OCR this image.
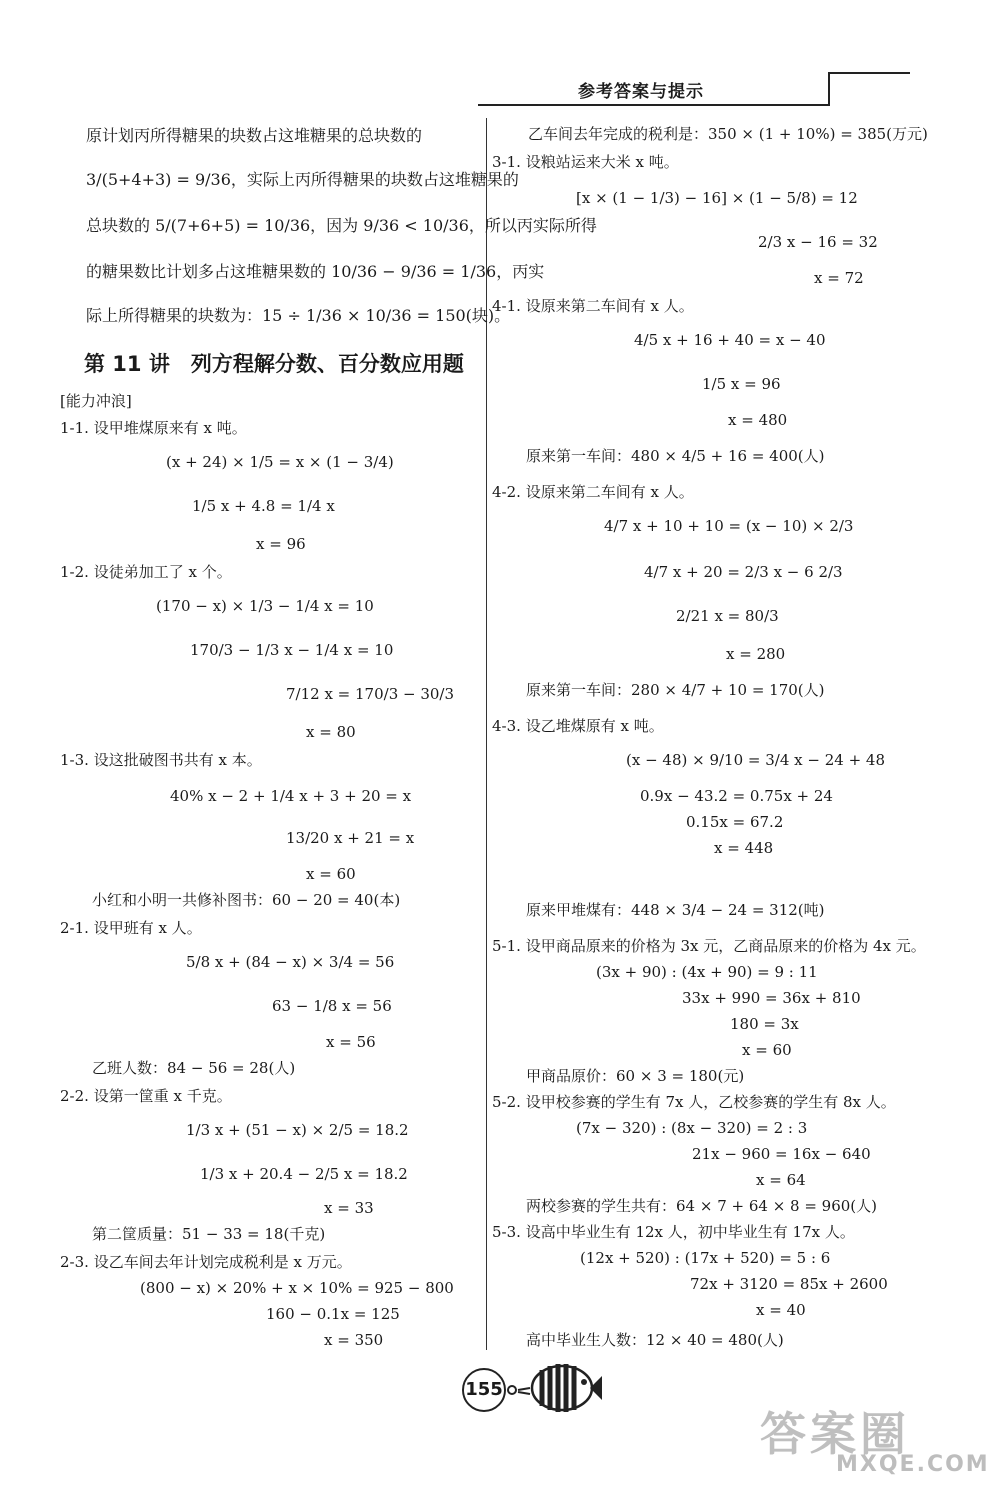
参考答案与提示
原计划丙所得糖果的块数占这堆糖果的总块数的
3/(5+4+3) = 9/36，实际上丙所得糖果的块数占这堆糖果的
总块数的 5/(7+6+5) = 10/36，因为 9/36 < 10/36，所以丙实际所得
的糖果数比计划多占这堆糖果数的 10/36 − 9/36 = 1/36，丙实
际上所得糖果的块数为：15 ÷ 1/36 × 10/36 = 150(块)。
第 11 讲　列方程解分数、百分数应用题
[能力冲浪]
1-1. 设甲堆煤原来有 x 吨。
(x + 24) × 1/5 = x × (1 − 3/4)
1/5 x + 4.8 = 1/4 x
x = 96
1-2. 设徒弟加工了 x 个。
(170 − x) × 1/3 − 1/4 x = 10
170/3 − 1/3 x − 1/4 x = 10
7/12 x = 170/3 − 30/3
x = 80
1-3. 设这批破图书共有 x 本。
40% x − 2 + 1/4 x + 3 + 20 = x
13/20 x + 21 = x
x = 60
小红和小明一共修补图书：60 − 20 = 40(本)
2-1. 设甲班有 x 人。
5/8 x + (84 − x) × 3/4 = 56
63 − 1/8 x = 56
x = 56
乙班人数：84 − 56 = 28(人)
2-2. 设第一筐重 x 千克。
1/3 x + (51 − x) × 2/5 = 18.2
1/3 x + 20.4 − 2/5 x = 18.2
x = 33
第二筐质量：51 − 33 = 18(千克)
2-3. 设乙车间去年计划完成税利是 x 万元。
(800 − x) × 20% + x × 10% = 925 − 800
160 − 0.1x = 125
x = 350
乙车间去年完成的税利是：350 × (1 + 10%) = 385(万元)
3-1. 设粮站运来大米 x 吨。
[x × (1 − 1/3) − 16] × (1 − 5/8) = 12
2/3 x − 16 = 32
x = 72
4-1. 设原来第二车间有 x 人。
4/5 x + 16 + 40 = x − 40
1/5 x = 96
x = 480
原来第一车间：480 × 4/5 + 16 = 400(人)
4-2. 设原来第二车间有 x 人。
4/7 x + 10 + 10 = (x − 10) × 2/3
4/7 x + 20 = 2/3 x − 6 2/3
2/21 x = 80/3
x = 280
原来第一车间：280 × 4/7 + 10 = 170(人)
4-3. 设乙堆煤原有 x 吨。
(x − 48) × 9/10 = 3/4 x − 24 + 48
0.9x − 43.2 = 0.75x + 24
0.15x = 67.2
x = 448
原来甲堆煤有：448 × 3/4 − 24 = 312(吨)
5-1. 设甲商品原来的价格为 3x 元，乙商品原来的价格为 4x 元。
(3x + 90) : (4x + 90) = 9 : 11
33x + 990 = 36x + 810
180 = 3x
x = 60
甲商品原价：60 × 3 = 180(元)
5-2. 设甲校参赛的学生有 7x 人，乙校参赛的学生有 8x 人。
(7x − 320) : (8x − 320) = 2 : 3
21x − 960 = 16x − 640
x = 64
两校参赛的学生共有：64 × 7 + 64 × 8 = 960(人)
5-3. 设高中毕业生有 12x 人，初中毕业生有 17x 人。
(12x + 520) : (17x + 520) = 5 : 6
72x + 3120 = 85x + 2600
x = 40
高中毕业生人数：12 × 40 = 480(人)
155
答案圈
MXQE.COM
